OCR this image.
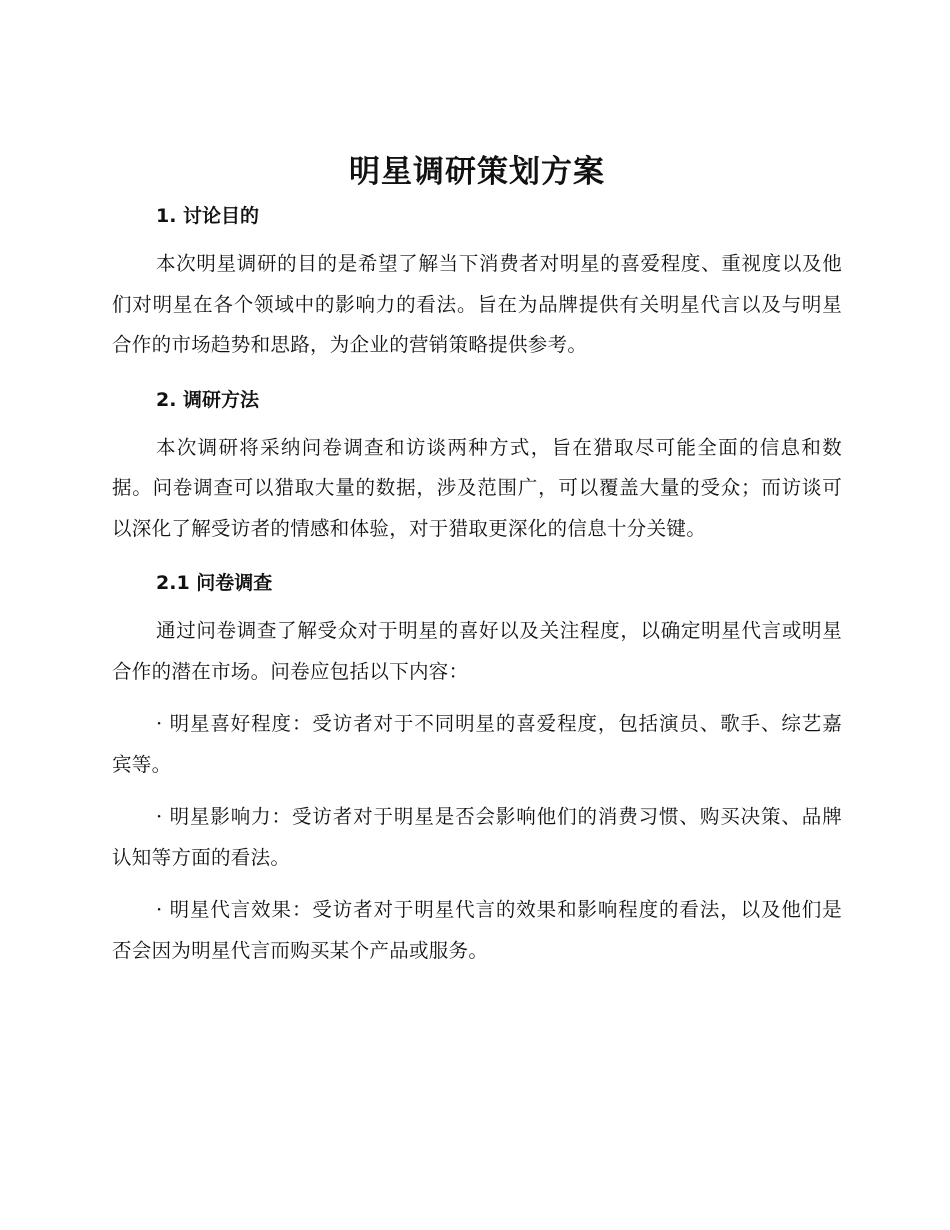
明星调研策划方案
1. 讨论目的

本次明星调研的目的是希望了解当下消费者对明星的喜爱程度、重视度以及他们对明星在各个领域中的影响力的看法。旨在为品牌提供有关明星代言以及与明星合作的市场趋势和思路，为企业的营销策略提供参考。

2. 调研方法

本次调研将采纳问卷调查和访谈两种方式，旨在猎取尽可能全面的信息和数据。问卷调查可以猎取大量的数据，涉及范围广，可以覆盖大量的受众；而访谈可以深化了解受访者的情感和体验，对于猎取更深化的信息十分关键。

2.1 问卷调查

通过问卷调查了解受众对于明星的喜好以及关注程度，以确定明星代言或明星合作的潜在市场。问卷应包括以下内容：

· 明星喜好程度：受访者对于不同明星的喜爱程度，包括演员、歌手、综艺嘉宾等。

· 明星影响力：受访者对于明星是否会影响他们的消费习惯、购买决策、品牌认知等方面的看法。

· 明星代言效果：受访者对于明星代言的效果和影响程度的看法，以及他们是否会因为明星代言而购买某个产品或服务。
